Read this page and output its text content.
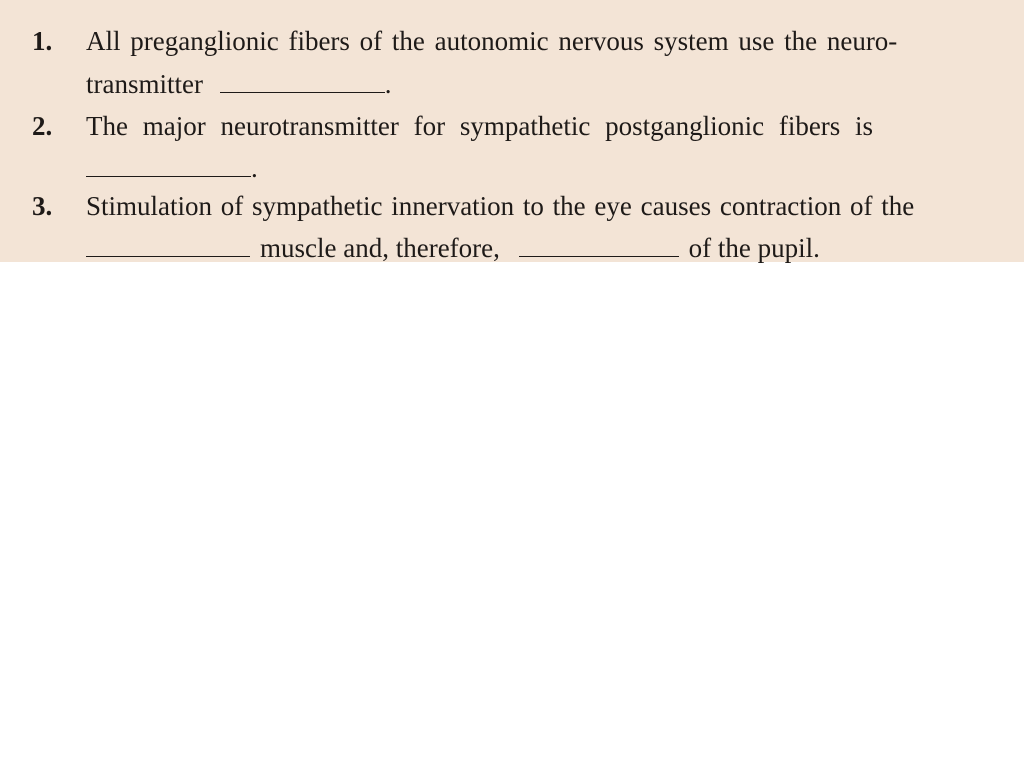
1. All preganglionic fibers of the autonomic nervous system use the neuro-
transmitter	.
2. The major neurotransmitter for sympathetic postganglionic fibers is
.
3. Stimulation of sympathetic innervation to the eye causes contraction of the
muscle and, therefore,	of the pupil.
